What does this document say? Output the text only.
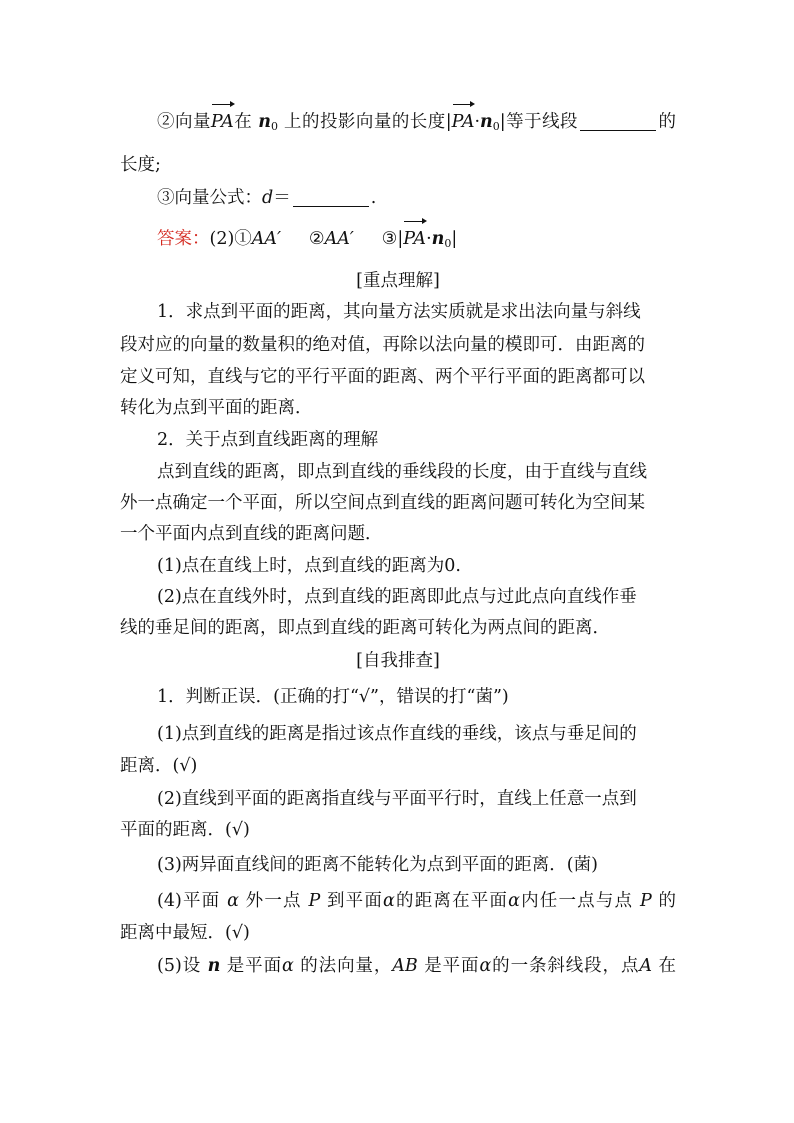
②向量PA在 $n_0$ 上的投影向量的长度$|PA\cdot n_0|$等于线段	的
长度;
③向量公式：d＝	.
答案：(2)①AA′ ②AA′ $③|PA\cdot n_0|$
[重点理解]
1．求点到平面的距离，其向量方法实质就是求出法向量与斜线
段对应的向量的数量积的绝对值，再除以法向量的模即可．由距离的
定义可知，直线与它的平行平面的距离、两个平行平面的距离都可以
转化为点到平面的距离．
2．关于点到直线距离的理解
点到直线的距离，即点到直线的垂线段的长度，由于直线与直线
外一点确定一个平面，所以空间点到直线的距离问题可转化为空间某
一个平面内点到直线的距离问题．
(1)点在直线上时，点到直线的距离为0.
(2)点在直线外时，点到直线的距离即此点与过此点向直线作垂
线的垂足间的距离，即点到直线的距离可转化为两点间的距离．
[自我排查]
1．判断正误．(正确的打“√”，错误的打“菌”)
(1)点到直线的距离是指过该点作直线的垂线，该点与垂足间的
距离．(√)
(2)直线到平面的距离指直线与平面平行时，直线上任意一点到
平面的距离．(√)
(3)两异面直线间的距离不能转化为点到平面的距离．(菌)
(4)平面 α 外一点 P 到平面α的距离在平面α内任一点与点 P 的
距离中最短．(√)
(5)设 n 是平面α 的法向量，AB 是平面α的一条斜线段，点A 在
